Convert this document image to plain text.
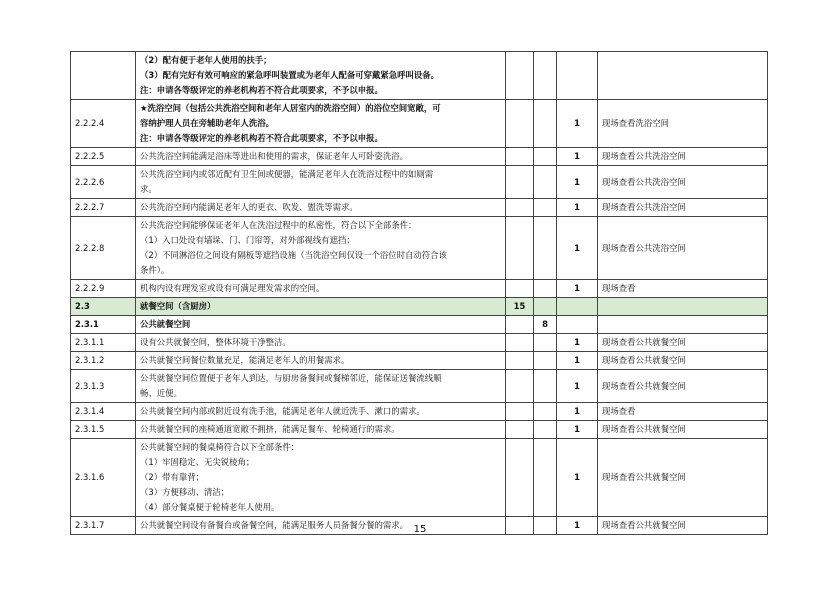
	（2）配有便于老年人使用的扶手；
（3）配有完好有效可响应的紧急呼叫装置或为老年人配备可穿戴紧急呼叫设备。
注：申请各等级评定的养老机构若不符合此项要求，不予以申报。				

2.2.2.4	★洗浴空间（包括公共洗浴空间和老年人居室内的洗浴空间）的浴位空间宽敞，可
容纳护理人员在旁辅助老年人洗浴。
注：申请各等级评定的养老机构若不符合此项要求，不予以申报。			1	现场查看洗浴空间
2.2.2.5	公共洗浴空间能满足浴床等进出和使用的需求，保证老年人可卧姿洗浴。			1	现场查看公共洗浴空间
2.2.2.6	公共洗浴空间内或邻近配有卫生间或便器，能满足老年人在洗浴过程中的如厕需
求。			1	现场查看公共洗浴空间
2.2.2.7	公共洗浴空间内能满足老年人的更衣、吹发、盥洗等需求。			1	现场查看公共洗浴空间
2.2.2.8	公共洗浴空间能够保证老年人在洗浴过程中的私密性，符合以下全部条件：
（1）入口处设有墙垛、门、门帘等，对外部视线有遮挡；
（2）不同淋浴位之间设有隔板等遮挡设施（当洗浴空间仅设一个浴位时自动符合该
条件）。			1	现场查看公共洗浴空间
2.2.2.9	机构内设有理发室或设有可满足理发需求的空间。			1	现场查看
2.3	就餐空间（含厨房）	15			
2.3.1	公共就餐空间		8		
2.3.1.1	设有公共就餐空间，整体环境干净整洁。			1	现场查看公共就餐空间
2.3.1.2	公共就餐空间餐位数量充足，能满足老年人的用餐需求。			1	现场查看公共就餐空间
2.3.1.3	公共就餐空间位置便于老年人到达，与厨房备餐间或餐梯邻近，能保证送餐流线顺
畅、近便。			1	现场查看公共就餐空间
2.3.1.4	公共就餐空间内部或附近设有洗手池，能满足老年人就近洗手、漱口的需求。			1	现场查看
2.3.1.5	公共就餐空间的座椅通道宽敞不拥挤，能满足餐车、轮椅通行的需求。			1	现场查看公共就餐空间
2.3.1.6	公共就餐空间的餐桌椅符合以下全部条件：
（1）牢固稳定、无尖锐棱角；
（2）带有靠背；
（3）方便移动、清洁；
（4）部分餐桌便于轮椅老年人使用。			1	现场查看公共就餐空间
2.3.1.7	公共就餐空间设有备餐台或备餐空间，能满足服务人员备餐分餐的需求。			1	现场查看公共就餐空间
15
